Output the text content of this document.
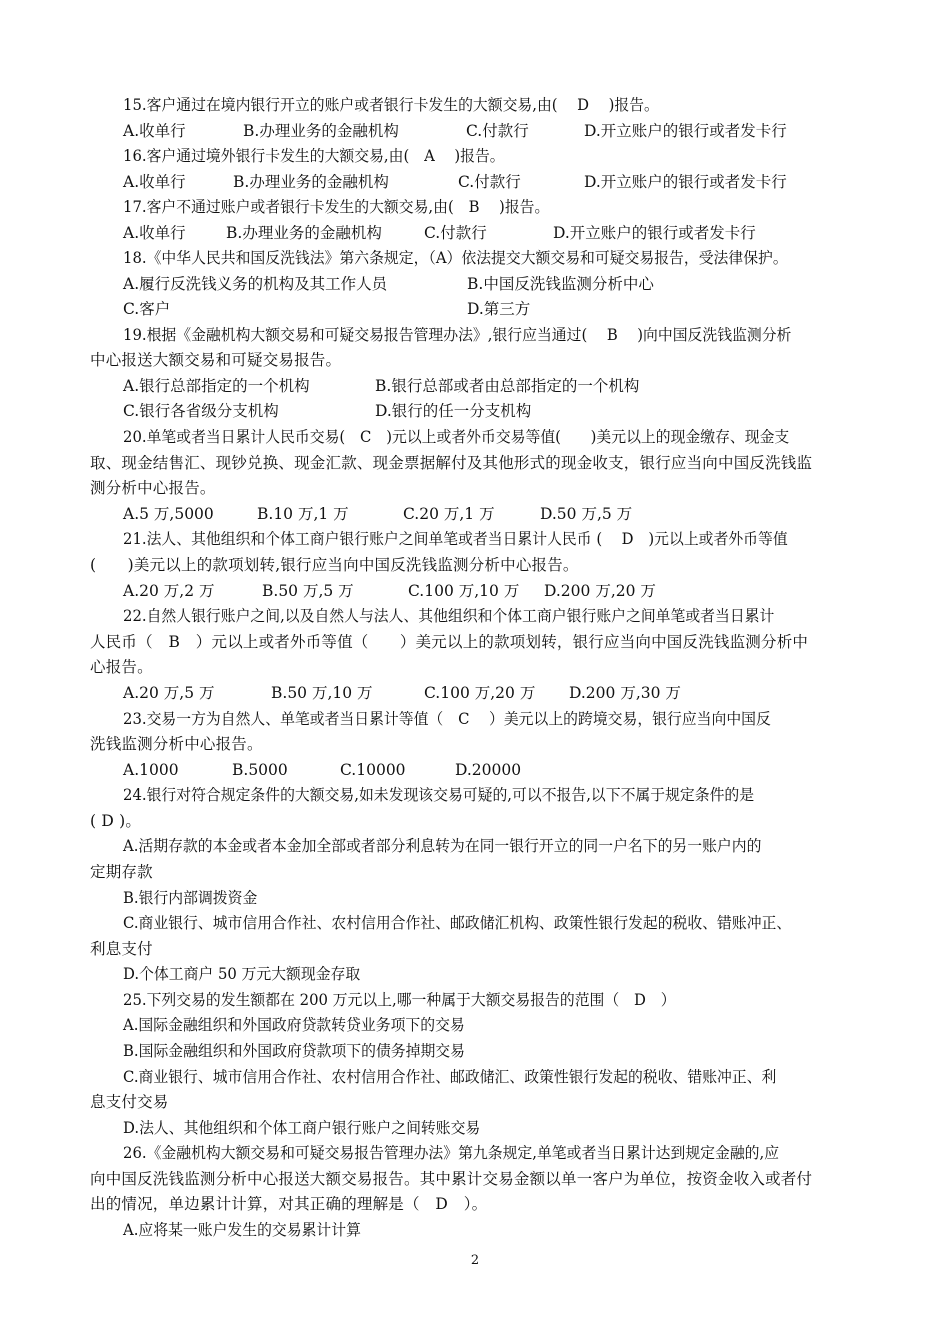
15.客户通过在境内银行开立的账户或者银行卡发生的大额交易,由(　 D　 )报告。
A.收单行	B.办理业务的金融机构	C.付款行	D.开立账户的银行或者发卡行
16.客户通过境外银行卡发生的大额交易,由(　A　 )报告。
A.收单行	B.办理业务的金融机构	C.付款行	D.开立账户的银行或者发卡行
17.客户不通过账户或者银行卡发生的大额交易,由(　B　 )报告。
A.收单行	B.办理业务的金融机构	C.付款行	D.开立账户的银行或者发卡行
18.《中华人民共和国反洗钱法》第六条规定，（A）依法提交大额交易和可疑交易报告，受法律保护。
A.履行反洗钱义务的机构及其工作人员	B.中国反洗钱监测分析中心
C.客户	D.第三方
19.根据《金融机构大额交易和可疑交易报告管理办法》,银行应当通过(　 B　 )向中国反洗钱监测分析
中心报送大额交易和可疑交易报告。
A.银行总部指定的一个机构	B.银行总部或者由总部指定的一个机构
C.银行各省级分支机构	D.银行的任一分支机构
20.单笔或者当日累计人民币交易(　C　)元以上或者外币交易等值(　　)美元以上的现金缴存、现金支
取、现金结售汇、现钞兑换、现金汇款、现金票据解付及其他形式的现金收支，银行应当向中国反洗钱监
测分析中心报告。
A.5 万,5000	B.10 万,1 万	C.20 万,1 万	D.50 万,5 万
21.法人、其他组织和个体工商户银行账户之间单笔或者当日累计人民币 (　 D　)元以上或者外币等值
(　　)美元以上的款项划转,银行应当向中国反洗钱监测分析中心报告。
A.20 万,2 万	B.50 万,5 万	C.100 万,10 万 D.200 万,20 万
22.自然人银行账户之间,以及自然人与法人、其他组织和个体工商户银行账户之间单笔或者当日累计
人民币（　B　）元以上或者外币等值（　　）美元以上的款项划转，银行应当向中国反洗钱监测分析中
心报告。
A.20 万,5 万	B.50 万,10 万	C.100 万,20 万 D.200 万,30 万
23.交易一方为自然人、单笔或者当日累计等值（　C　 ）美元以上的跨境交易，银行应当向中国反
洗钱监测分析中心报告。
A.1000	B.5000	C.10000	D.20000
24.银行对符合规定条件的大额交易,如未发现该交易可疑的,可以不报告,以下不属于规定条件的是
( D )。
A.活期存款的本金或者本金加全部或者部分利息转为在同一银行开立的同一户名下的另一账户内的
定期存款
B.银行内部调拨资金
C.商业银行、城市信用合作社、农村信用合作社、邮政储汇机构、政策性银行发起的税收、错账冲正、
利息支付
D.个体工商户 50 万元大额现金存取
25.下列交易的发生额都在 200 万元以上,哪一种属于大额交易报告的范围（　D　）
A.国际金融组织和外国政府贷款转贷业务项下的交易
B.国际金融组织和外国政府贷款项下的债务掉期交易
C.商业银行、城市信用合作社、农村信用合作社、邮政储汇、政策性银行发起的税收、错账冲正、利
息支付交易
D.法人、其他组织和个体工商户银行账户之间转账交易
26.《金融机构大额交易和可疑交易报告管理办法》第九条规定,单笔或者当日累计达到规定金融的,应
向中国反洗钱监测分析中心报送大额交易报告。其中累计交易金额以单一客户为单位，按资金收入或者付
出的情况，单边累计计算，对其正确的理解是（　D　）。
A.应将某一账户发生的交易累计计算
2
